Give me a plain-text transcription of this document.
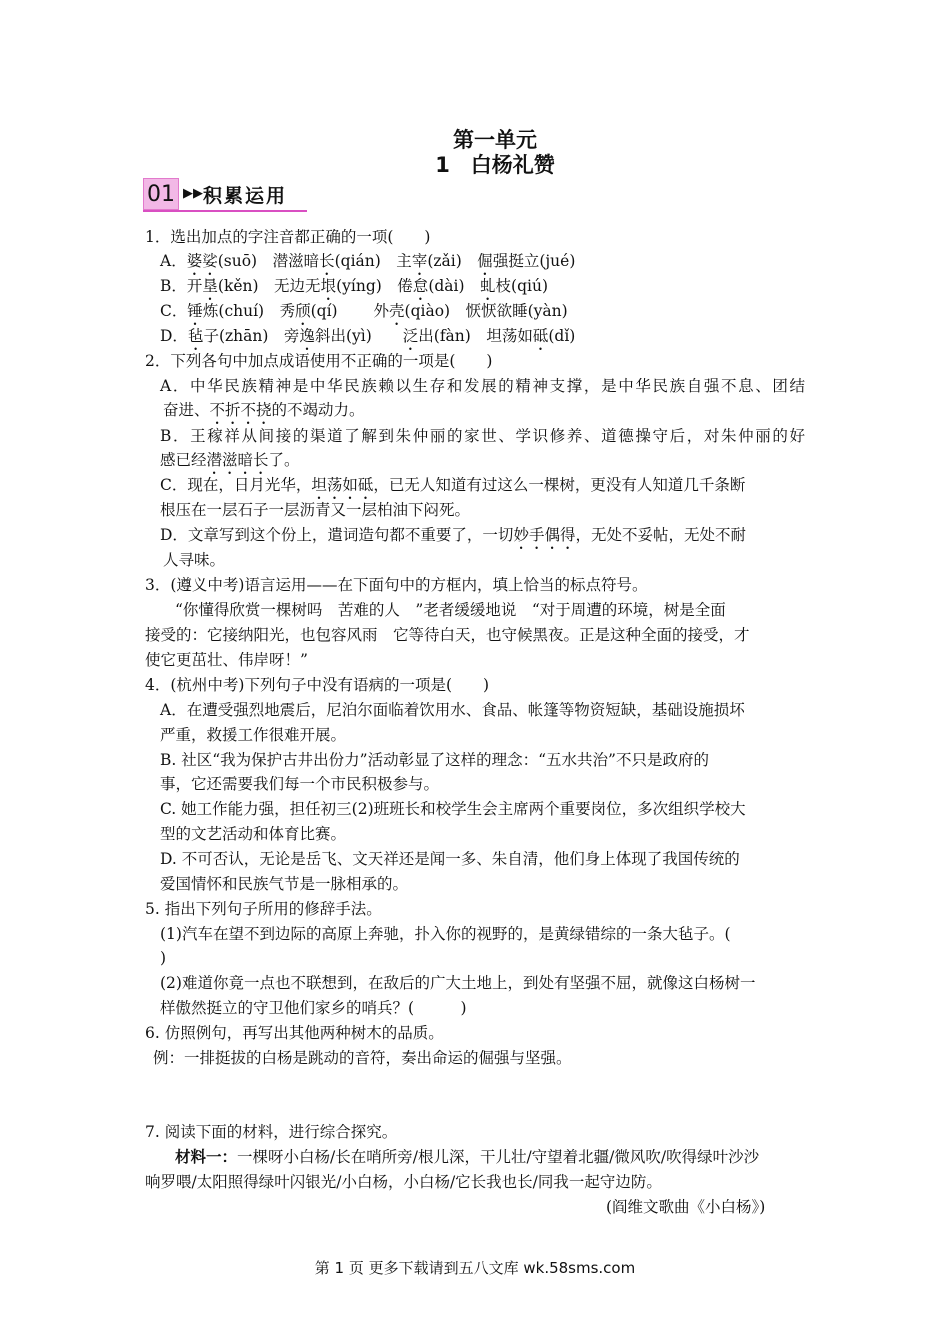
第一单元
1　白杨礼赞
01 ▶▶ 积累运用
1．选出加点的字注音都正确的一项(　　)
A．婆娑(suō)　潜滋暗长(qián)　主宰(zǎi)　倔强挺立(jué)
B．开垦(kěn)　无边无垠(yíng)　倦怠(dài)　虬枝(qiú)
C．锤炼(chuí)　秀颀(qí)　　 外壳(qiào)　恹恹欲睡(yàn)
D．毡子(zhān)　旁逸斜出(yì)　　泛出(fàn)　坦荡如砥(dǐ)
2．下列各句中加点成语使用不正确的一项是(　　)
A．中华民族精神是中华民族赖以生存和发展的精神支撑，是中华民族自强不息、团结
奋进、不折不挠的不竭动力。
B．王稼祥从间接的渠道了解到朱仲丽的家世、学识修养、道德操守后，对朱仲丽的好
感已经潜滋暗长了。
C．现在，日月光华，坦荡如砥，已无人知道有过这么一棵树，更没有人知道几千条断
根压在一层石子一层沥青又一层柏油下闷死。
D．文章写到这个份上，遣词造句都不重要了，一切妙手偶得，无处不妥帖，无处不耐
人寻味。
3．(遵义中考)语言运用——在下面句中的方框内，填上恰当的标点符号。
“你懂得欣赏一棵树吗　苦难的人　”老者缓缓地说　“对于周遭的环境，树是全面
接受的：它接纳阳光，也包容风雨　它等待白天，也守候黑夜。正是这种全面的接受，才
使它更茁壮、伟岸呀！”
4．(杭州中考)下列句子中没有语病的一项是(　　)
A．在遭受强烈地震后，尼泊尔面临着饮用水、食品、帐篷等物资短缺，基础设施损坏
严重，救援工作很难开展。
B. 社区“我为保护古井出份力”活动彰显了这样的理念：“五水共治”不只是政府的
事，它还需要我们每一个市民积极参与。
C. 她工作能力强，担任初三(2)班班长和校学生会主席两个重要岗位，多次组织学校大
型的文艺活动和体育比赛。
D. 不可否认，无论是岳飞、文天祥还是闻一多、朱自清，他们身上体现了我国传统的
爱国情怀和民族气节是一脉相承的。
5. 指出下列句子所用的修辞手法。
(1)汽车在望不到边际的高原上奔驰，扑入你的视野的，是黄绿错综的一条大毡子。(
)
(2)难道你竟一点也不联想到，在敌后的广大土地上，到处有坚强不屈，就像这白杨树一
样傲然挺立的守卫他们家乡的哨兵？(　　　)
6. 仿照例句，再写出其他两种树木的品质。
例：一排挺拔的白杨是跳动的音符，奏出命运的倔强与坚强。
7. 阅读下面的材料，进行综合探究。
材料一：一棵呀小白杨/长在哨所旁/根儿深，干儿壮/守望着北疆/微风吹/吹得绿叶沙沙
响罗喂/太阳照得绿叶闪银光/小白杨，小白杨/它长我也长/同我一起守边防。
(阎维文歌曲《小白杨》)
第 1 页 更多下载请到五八文库 wk.58sms.com
